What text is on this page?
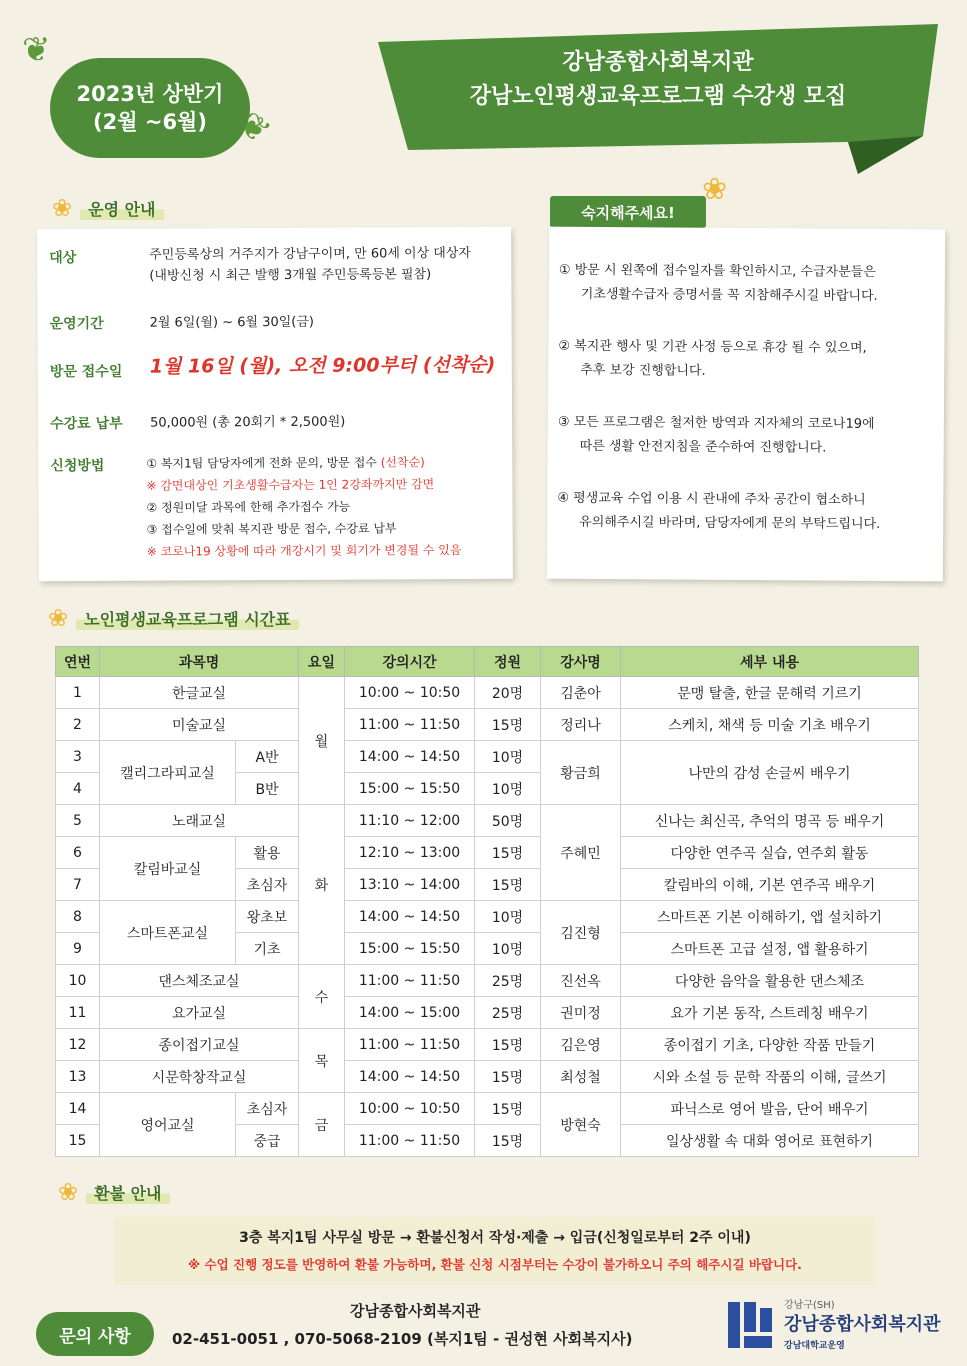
❦
2023년 상반기
(2월 ~6월) ❦
강남종합사회복지관
강남노인평생교육프로그램 수강생 모집
❀	운영 안내
대상	주민등록상의 거주지가 강남구이며, 만 60세 이상 대상자
(내방신청 시 최근 발행 3개월 주민등록등본 필참)
운영기간	2월 6일(월) ~ 6월 30일(금)
방문 접수일 1월 16일 (월), 오전 9:00부터 (선착순)
수강료 납부 50,000원 (총 20회기 * 2,500원)
신청방법	① 복지1팀 담당자에게 전화 문의, 방문 접수 (선착순)
※ 감면대상인 기초생활수급자는 1인 2강좌까지만 감면
② 정원미달 과목에 한해 추가접수 가능
③ 접수일에 맞춰 복지관 방문 접수, 수강료 납부
※ 코로나19 상황에 따라 개강시기 및 회기가 변경될 수 있음
숙지해주세요!
❀
① 방문 시 왼쪽에 접수일자를 확인하시고, 수급자분들은
기초생활수급자 증명서를 꼭 지참해주시길 바랍니다.
② 복지관 행사 및 기관 사정 등으로 휴강 될 수 있으며,
추후 보강 진행합니다.
③ 모든 프로그램은 철저한 방역과 지자체의 코로나19에
따른 생활 안전지침을 준수하여 진행합니다.
④ 평생교육 수업 이용 시 관내에 주차 공간이 협소하니
유의해주시길 바라며, 담당자에게 문의 부탁드립니다.
❀	노인평생교육프로그램 시간표
연번	과목명		요일	강의시간	정원	강사명	세부 내용
1	한글교실		월	10:00 ~ 10:50	20명	김춘아	문맹 탈출, 한글 문해력 기르기
2	미술교실			11:00 ~ 11:50	15명	정리나	스케치, 채색 등 미술 기초 배우기
3	캘리그라피교실	A반		14:00 ~ 14:50	10명	황금희	나만의 감성 손글씨 배우기
4		B반		15:00 ~ 15:50	10명		
5	노래교실		화	11:10 ~ 12:00	50명	주혜민	신나는 최신곡, 추억의 명곡 등 배우기
6	칼림바교실	활용		12:10 ~ 13:00	15명		다양한 연주곡 실습, 연주회 활동
7		초심자		13:10 ~ 14:00	15명		칼림바의 이해, 기본 연주곡 배우기
8	스마트폰교실	왕초보		14:00 ~ 14:50	10명	김진형	스마트폰 기본 이해하기, 앱 설치하기
9		기초		15:00 ~ 15:50	10명		스마트폰 고급 설정, 앱 활용하기
10	댄스체조교실		수	11:00 ~ 11:50	25명	진선옥	다양한 음악을 활용한 댄스체조
11	요가교실			14:00 ~ 15:00	25명	권미정	요가 기본 동작, 스트레칭 배우기
12	종이접기교실		목	11:00 ~ 11:50	15명	김은영	종이접기 기초, 다양한 작품 만들기
13	시문학창작교실			14:00 ~ 14:50	15명	최성철	시와 소설 등 문학 작품의 이해, 글쓰기
14	영어교실	초심자	금	10:00 ~ 10:50	15명	방현숙	파닉스로 영어 발음, 단어 배우기
15		중급		11:00 ~ 11:50	15명		일상생활 속 대화 영어로 표현하기
❀	환불 안내
3층 복지1팀 사무실 방문 → 환불신청서 작성·제출 → 입금(신청일로부터 2주 이내)
※ 수업 진행 정도를 반영하여 환불 가능하며, 환불 신청 시점부터는 수강이 불가하오니 주의 해주시길 바랍니다.
문의 사항
강남종합사회복지관
02-451-0051 , 070-5068-2109 (복지1팀 - 권성현 사회복지사)
강남구(SH)
강남종합사회복지관
강남대학교운영
